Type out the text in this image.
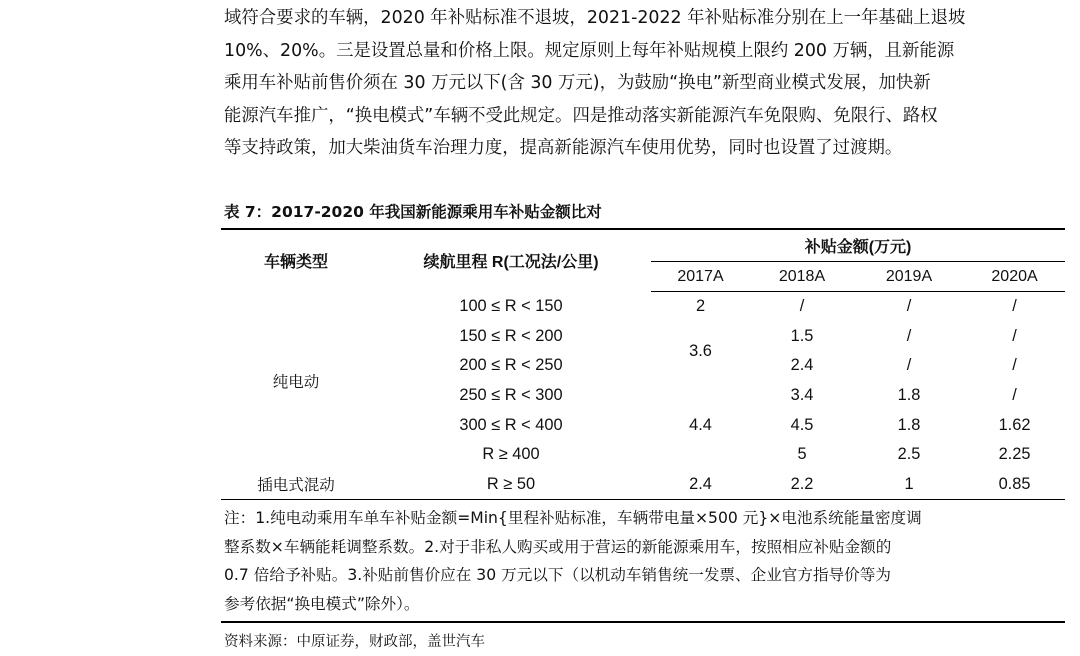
域符合要求的车辆，2020 年补贴标准不退坡，2021-2022 年补贴标准分别在上一年基础上退坡
10%、20%。三是设置总量和价格上限。规定原则上每年补贴规模上限约 200 万辆，且新能源
乘用车补贴前售价须在 30 万元以下(含 30 万元)，为鼓励“换电”新型商业模式发展，加快新
能源汽车推广，“换电模式”车辆不受此规定。四是推动落实新能源汽车免限购、免限行、路权
等支持政策，加大柴油货车治理力度，提高新能源汽车使用优势，同时也设置了过渡期。
表 7：2017-2020 年我国新能源乘用车补贴金额比对
车辆类型	续航里程 R(工况法/公里)	补贴金额(万元)			
		2017A	2018A	2019A	2020A
纯电动	100 ≤ R < 150	2	/	/	/
	150 ≤ R < 200	3.6	1.5	/	/
	200 ≤ R < 250		2.4	/	/
	250 ≤ R < 300	4.4	3.4	1.8	/
	300 ≤ R < 400		4.5	1.8	1.62
	R ≥ 400		5	2.5	2.25
插电式混动	R ≥ 50	2.4	2.2	1	0.85
注：1.纯电动乘用车单车补贴金额=Min{里程补贴标准，车辆带电量×500 元}×电池系统能量密度调
整系数×车辆能耗调整系数。2.对于非私人购买或用于营运的新能源乘用车，按照相应补贴金额的
0.7 倍给予补贴。3.补贴前售价应在 30 万元以下（以机动车销售统一发票、企业官方指导价等为
参考依据“换电模式”除外）。
资料来源：中原证券，财政部，盖世汽车
